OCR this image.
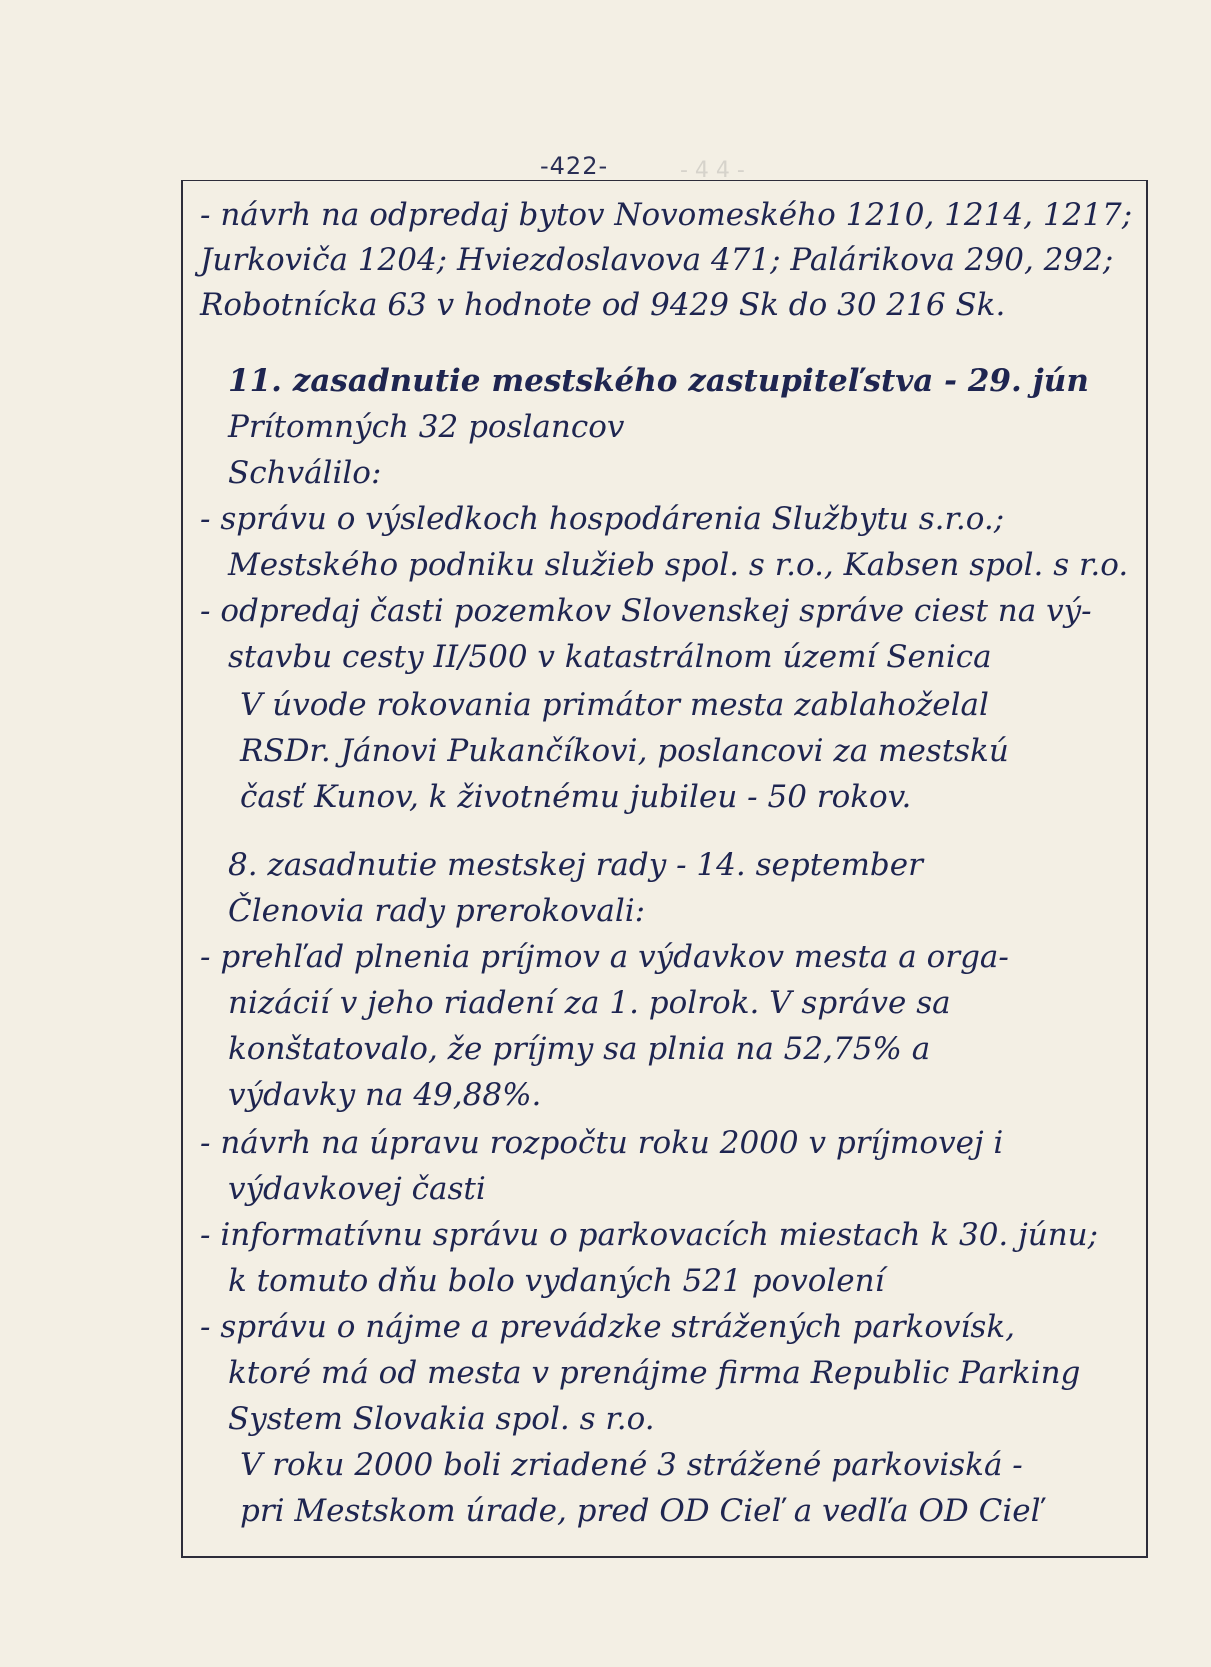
- 4 4 -
-422-
- návrh na odpredaj bytov Novomeského 1210, 1214, 1217;
Jurkoviča 1204; Hviezdoslavova 471; Palárikova 290, 292;
Robotnícka 63 v hodnote od 9429 Sk do 30 216 Sk.
11. zasadnutie mestského zastupiteľstva - 29. jún
Prítomných 32 poslancov
Schválilo:
- správu o výsledkoch hospodárenia Službytu s.r.o.;
Mestského podniku služieb spol. s r.o., Kabsen spol. s r.o.
- odpredaj časti pozemkov Slovenskej správe ciest na vý-
stavbu cesty II/500 v katastrálnom území Senica
V úvode rokovania primátor mesta zablahoželal
RSDr. Jánovi Pukančíkovi, poslancovi za mestskú
časť Kunov, k životnému jubileu - 50 rokov.
8. zasadnutie mestskej rady - 14. september
Členovia rady prerokovali:
- prehľad plnenia príjmov a výdavkov mesta a orga-
nizácií v jeho riadení za 1. polrok. V správe sa
konštatovalo, že príjmy sa plnia na 52,75% a
výdavky na 49,88%.
- návrh na úpravu rozpočtu roku 2000 v príjmovej i
výdavkovej časti
- informatívnu správu o parkovacích miestach k 30. júnu;
k tomuto dňu bolo vydaných 521 povolení
- správu o nájme a prevádzke strážených parkovísk,
ktoré má od mesta v prenájme firma Republic Parking
System Slovakia spol. s r.o.
V roku 2000 boli zriadené 3 strážené parkoviská -
pri Mestskom úrade, pred OD Cieľ a vedľa OD Cieľ
